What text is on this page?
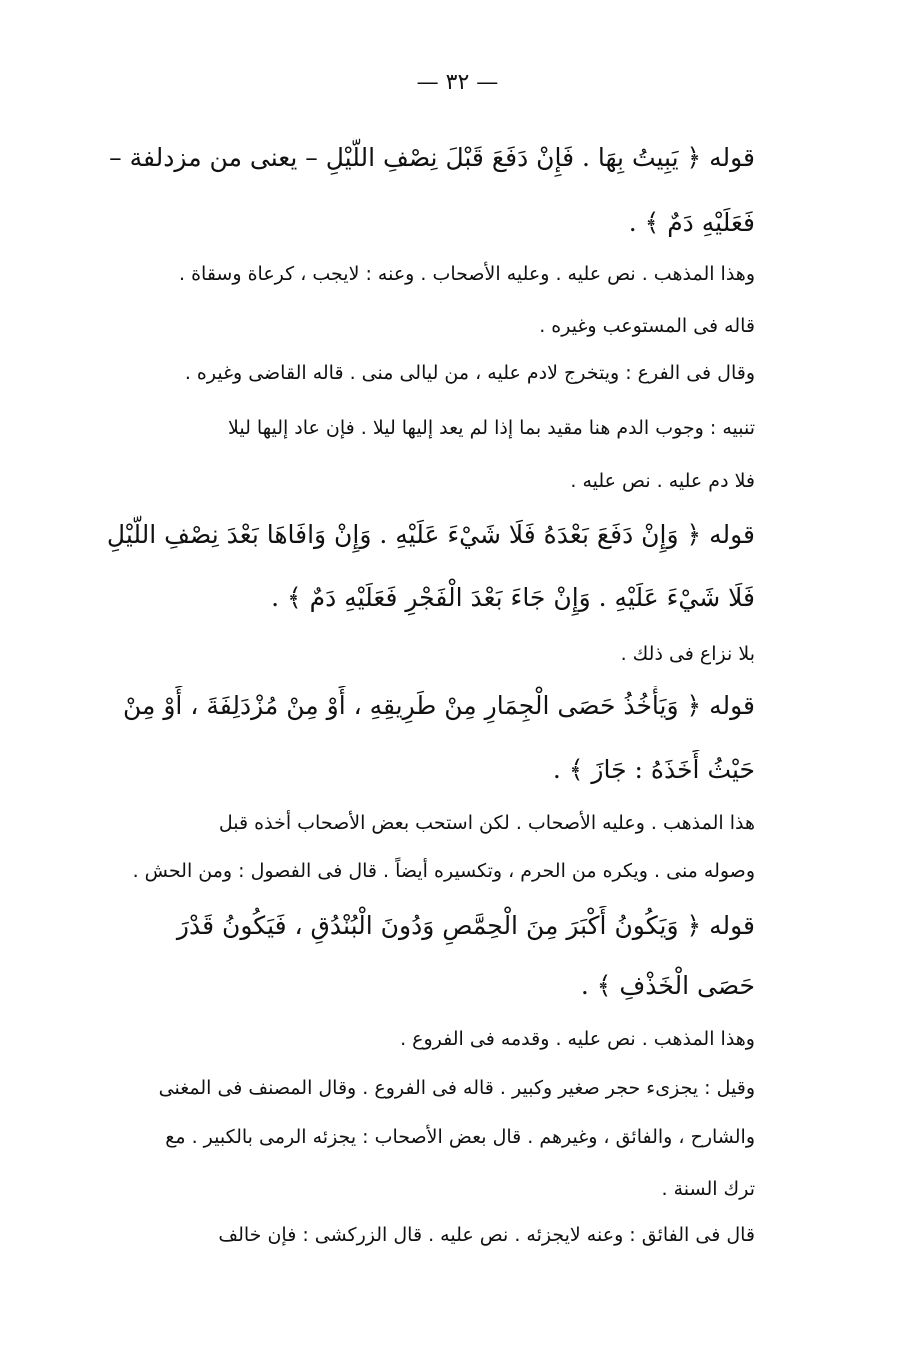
— ٣٢ —
قوله ﴿ يَبِيتُ بِهَا . فَإِنْ دَفَعَ قَبْلَ نِصْفِ اللَّيْلِ – يعنى من مزدلفة –
فَعَلَيْهِ دَمٌ ﴾ .
وهذا المذهب . نص عليه . وعليه الأصحاب . وعنه : لايجب ، كرعاة وسقاة .
قاله فى المستوعب وغيره .
وقال فى الفرع : ويتخرج لادم عليه ، من ليالى منى . قاله القاضى وغيره .
تنبيه : وجوب الدم هنا مقيد بما إذا لم يعد إليها ليلا . فإن عاد إليها ليلا
فلا دم عليه . نص عليه .
قوله ﴿ وَإِنْ دَفَعَ بَعْدَهُ فَلَا شَيْءَ عَلَيْهِ . وَإِنْ وَافَاهَا بَعْدَ نِصْفِ اللَّيْلِ
فَلَا شَيْءَ عَلَيْهِ . وَإِنْ جَاءَ بَعْدَ الْفَجْرِ فَعَلَيْهِ دَمٌ ﴾ .
بلا نزاع فى ذلك .
قوله ﴿ وَيَأْخُذُ حَصَى الْجِمَارِ مِنْ طَرِيقِهِ ، أَوْ مِنْ مُزْدَلِفَةَ ، أَوْ مِنْ
حَيْثُ أَخَذَهُ : جَازَ ﴾ .
هذا المذهب . وعليه الأصحاب . لكن استحب بعض الأصحاب أخذه قبل
وصوله منى . ويكره من الحرم ، وتكسيره أيضاً . قال فى الفصول : ومن الحش .
قوله ﴿ وَيَكُونُ أَكْبَرَ مِنَ الْحِمَّصِ وَدُونَ الْبُنْدُقِ ، فَيَكُونُ قَدْرَ
حَصَى الْخَذْفِ ﴾ .
وهذا المذهب . نص عليه . وقدمه فى الفروع .
وقيل : يجزىء حجر صغير وكبير . قاله فى الفروع . وقال المصنف فى المغنى
والشارح ، والفائق ، وغيرهم . قال بعض الأصحاب : يجزئه الرمى بالكبير . مع
ترك السنة .
قال فى الفائق : وعنه لايجزئه . نص عليه . قال الزركشى : فإن خالف
